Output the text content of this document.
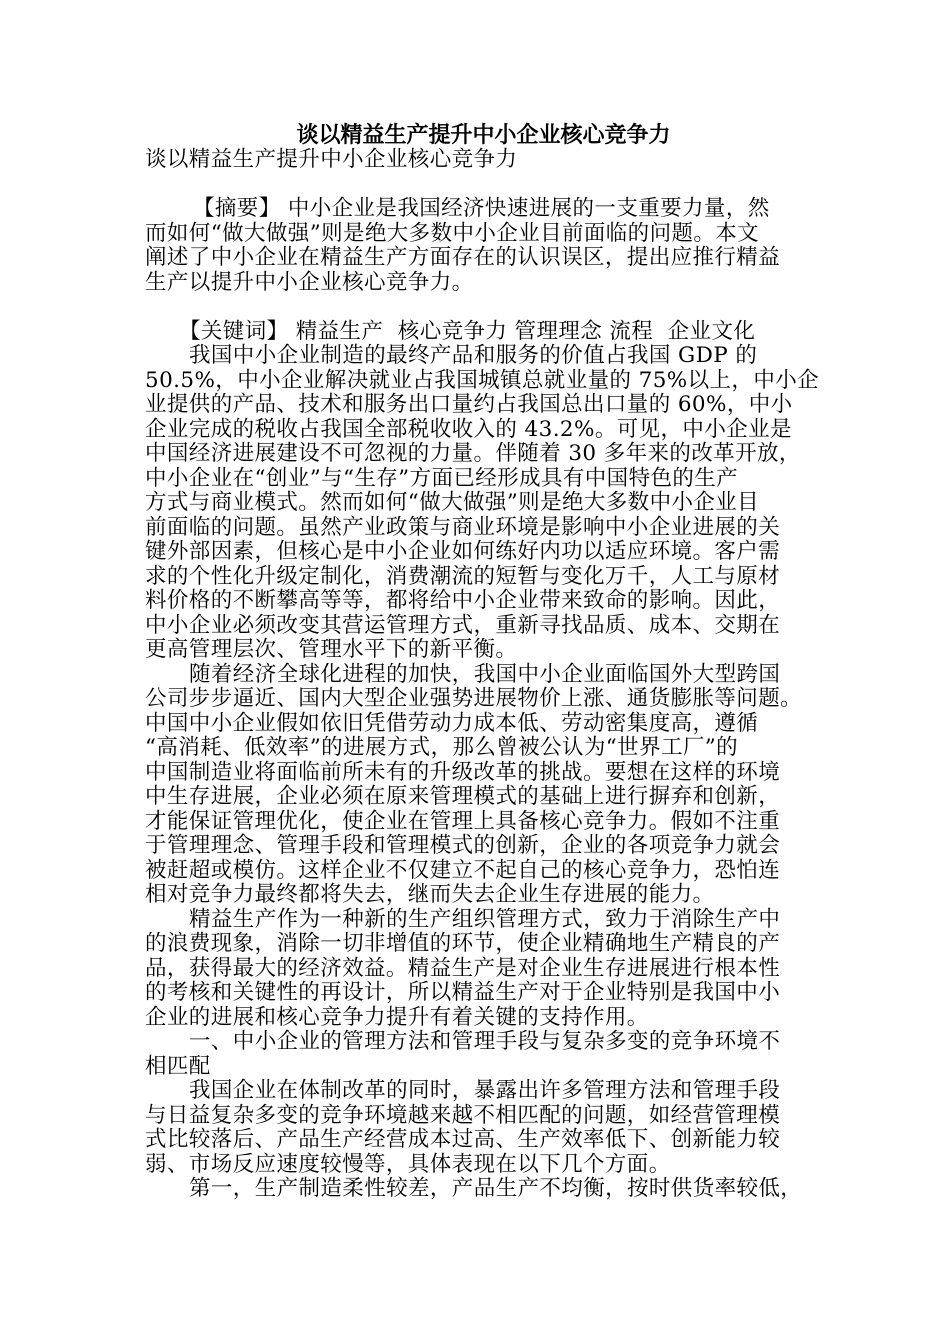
谈以精益生产提升中小企业核心竞争力
谈以精益生产提升中小企业核心竞争力
【摘要】 中小企业是我国经济快速进展的一支重要力量，然
而如何“做大做强”则是绝大多数中小企业目前面临的问题。本文
阐述了中小企业在精益生产方面存在的认识误区，提出应推行精益
生产以提升中小企业核心竞争力。
【关键词】 精益生产  核心竞争力 管理理念 流程  企业文化
我国中小企业制造的最终产品和服务的价值占我国 GDP 的
50.5%，中小企业解决就业占我国城镇总就业量的 75%以上，中小企
业提供的产品、技术和服务出口量约占我国总出口量的 60%，中小
企业完成的税收占我国全部税收收入的 43.2%。可见，中小企业是
中国经济进展建设不可忽视的力量。伴随着 30 多年来的改革开放，
中小企业在“创业”与“生存”方面已经形成具有中国特色的生产
方式与商业模式。然而如何“做大做强”则是绝大多数中小企业目
前面临的问题。虽然产业政策与商业环境是影响中小企业进展的关
键外部因素，但核心是中小企业如何练好内功以适应环境。客户需
求的个性化升级定制化，消费潮流的短暂与变化万千，人工与原材
料价格的不断攀高等等，都将给中小企业带来致命的影响。因此，
中小企业必须改变其营运管理方式，重新寻找品质、成本、交期在
更高管理层次、管理水平下的新平衡。
随着经济全球化进程的加快，我国中小企业面临国外大型跨国
公司步步逼近、国内大型企业强势进展物价上涨、通货膨胀等问题。
中国中小企业假如依旧凭借劳动力成本低、劳动密集度高，遵循
“高消耗、低效率”的进展方式，那么曾被公认为“世界工厂”的
中国制造业将面临前所未有的升级改革的挑战。要想在这样的环境
中生存进展，企业必须在原来管理模式的基础上进行摒弃和创新，
才能保证管理优化，使企业在管理上具备核心竞争力。假如不注重
于管理理念、管理手段和管理模式的创新，企业的各项竞争力就会
被赶超或模仿。这样企业不仅建立不起自己的核心竞争力，恐怕连
相对竞争力最终都将失去，继而失去企业生存进展的能力。
精益生产作为一种新的生产组织管理方式，致力于消除生产中
的浪费现象，消除一切非增值的环节，使企业精确地生产精良的产
品，获得最大的经济效益。精益生产是对企业生存进展进行根本性
的考核和关键性的再设计，所以精益生产对于企业特别是我国中小
企业的进展和核心竞争力提升有着关键的支持作用。
一、中小企业的管理方法和管理手段与复杂多变的竞争环境不
相匹配
我国企业在体制改革的同时，暴露出许多管理方法和管理手段
与日益复杂多变的竞争环境越来越不相匹配的问题，如经营管理模
式比较落后、产品生产经营成本过高、生产效率低下、创新能力较
弱、市场反应速度较慢等，具体表现在以下几个方面。
第一，生产制造柔性较差，产品生产不均衡，按时供货率较低，
